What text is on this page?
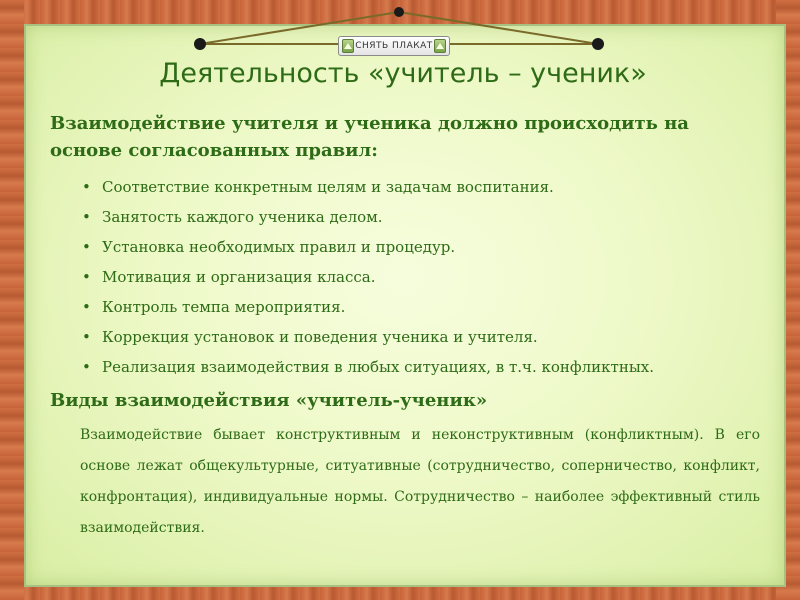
СНЯТЬ ПЛАКАТ
Деятельность «учитель – ученик»
Взаимодействие учителя и ученика должно происходить на основе согласованных правил:
• Соответствие конкретным целям и задачам воспитания.
• Занятость каждого ученика делом.
• Установка необходимых правил и процедур.
• Мотивация и организация класса.
• Контроль темпа мероприятия.
• Коррекция установок и поведения ученика и учителя.
• Реализация взаимодействия в любых ситуациях, в т.ч. конфликтных.
Виды взаимодействия «учитель-ученик»

Взаимодействие бывает конструктивным и неконструктивным (конфликтным). В его основе лежат общекультурные, ситуативные (сотрудничество, соперничество, конфликт, конфронтация), индивидуальные нормы. Сотрудничество – наиболее эффективный стиль взаимодействия.
